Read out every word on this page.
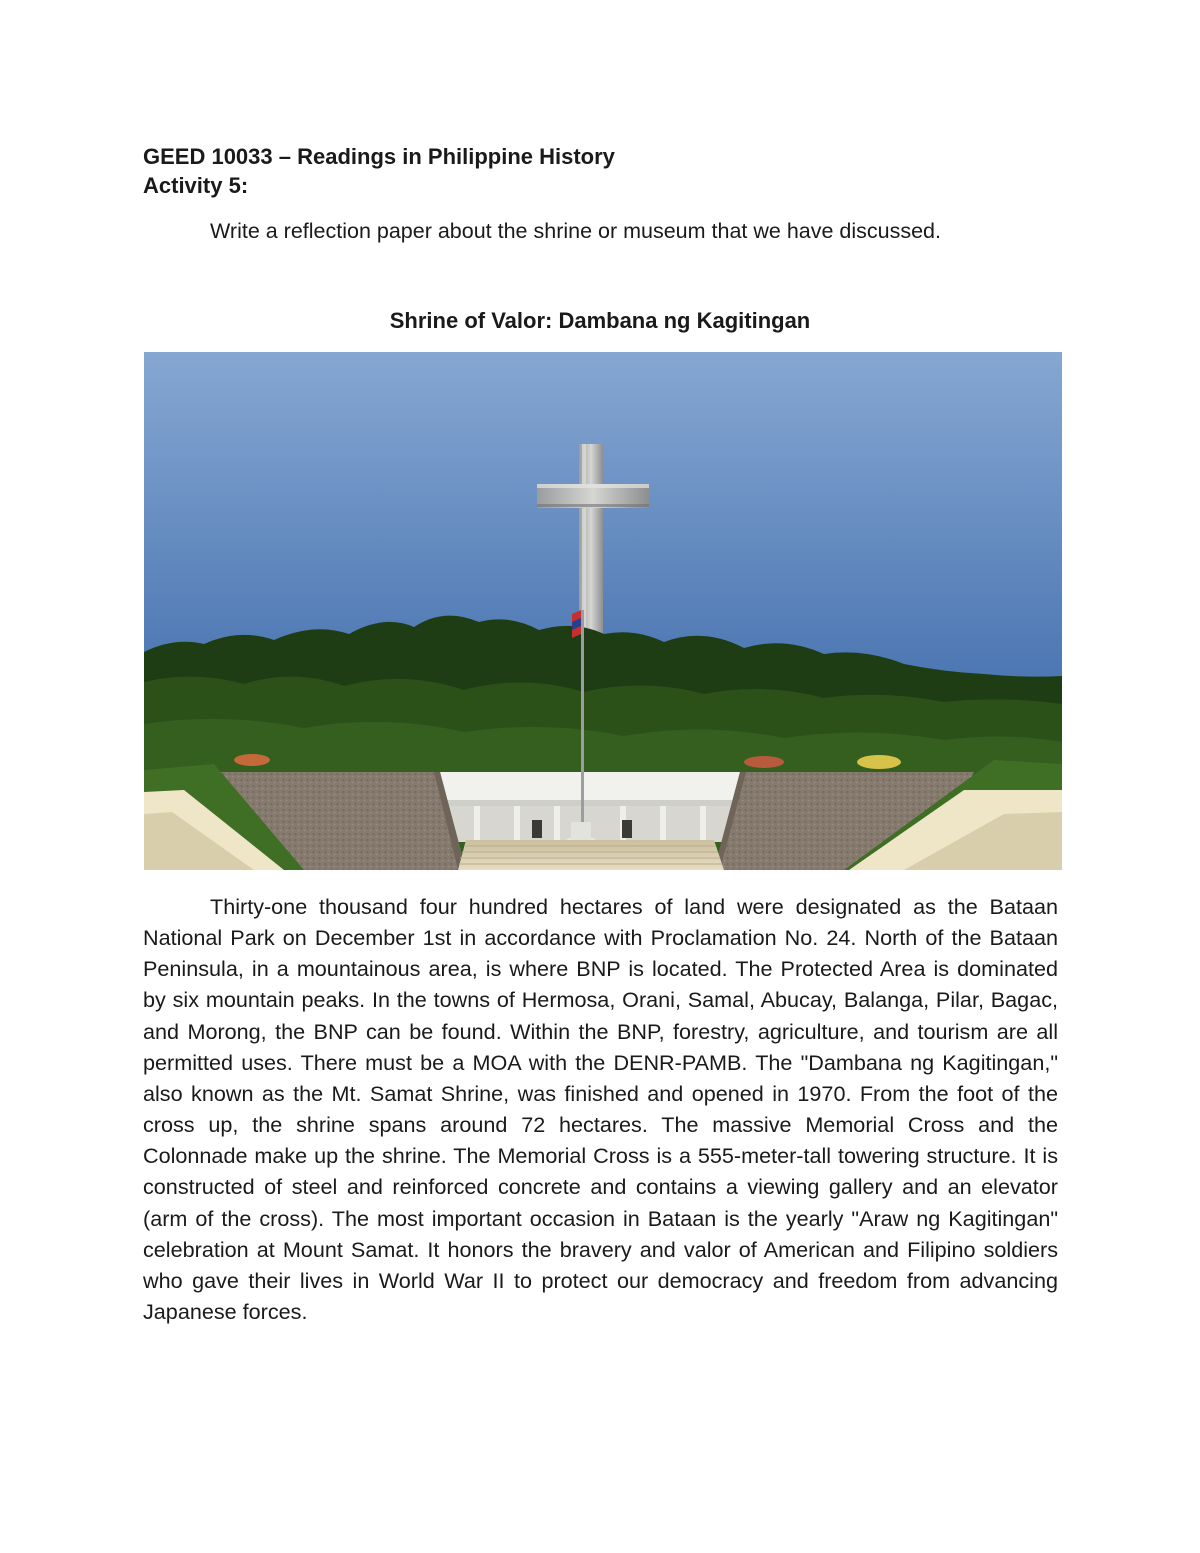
GEED 10033 – Readings in Philippine History
Activity 5:
Write a reflection paper about the shrine or museum that we have discussed.
Shrine of Valor: Dambana ng Kagitingan

Thirty-one thousand four hundred hectares of land were designated as the Bataan National Park on December 1st in accordance with Proclamation No. 24. North of the Bataan Peninsula, in a mountainous area, is where BNP is located. The Protected Area is dominated by six mountain peaks. In the towns of Hermosa, Orani, Samal, Abucay, Balanga, Pilar, Bagac, and Morong, the BNP can be found. Within the BNP, forestry, agriculture, and tourism are all permitted uses. There must be a MOA with the DENR-PAMB. The "Dambana ng Kagitingan," also known as the Mt. Samat Shrine, was finished and opened in 1970. From the foot of the cross up, the shrine spans around 72 hectares. The massive Memorial Cross and the Colonnade make up the shrine. The Memorial Cross is a 555-meter-tall towering structure. It is constructed of steel and reinforced concrete and contains a viewing gallery and an elevator (arm of the cross). The most important occasion in Bataan is the yearly "Araw ng Kagitingan" celebration at Mount Samat. It honors the bravery and valor of American and Filipino soldiers who gave their lives in World War II to protect our democracy and freedom from advancing Japanese forces.
